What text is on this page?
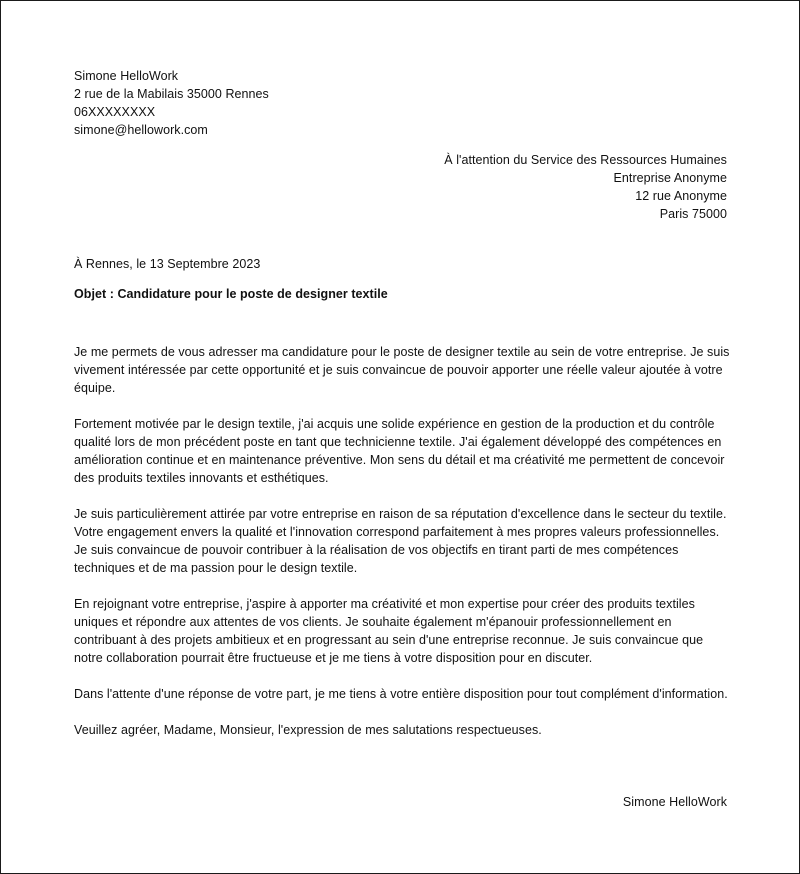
Simone HelloWork
2 rue de la Mabilais 35000 Rennes
06XXXXXXXX
simone@hellowork.com
À l'attention du Service des Ressources Humaines
Entreprise Anonyme
12 rue Anonyme
Paris 75000
À Rennes, le 13 Septembre 2023
Objet : Candidature pour le poste de designer textile

Je me permets de vous adresser ma candidature pour le poste de designer textile au sein de votre entreprise. Je suis vivement intéressée par cette opportunité et je suis convaincue de pouvoir apporter une réelle valeur ajoutée à votre équipe.

Fortement motivée par le design textile, j'ai acquis une solide expérience en gestion de la production et du contrôle qualité lors de mon précédent poste en tant que technicienne textile. J'ai également développé des compétences en amélioration continue et en maintenance préventive. Mon sens du détail et ma créativité me permettent de concevoir des produits textiles innovants et esthétiques.

Je suis particulièrement attirée par votre entreprise en raison de sa réputation d'excellence dans le secteur du textile. Votre engagement envers la qualité et l'innovation correspond parfaitement à mes propres valeurs professionnelles. Je suis convaincue de pouvoir contribuer à la réalisation de vos objectifs en tirant parti de mes compétences techniques et de ma passion pour le design textile.

En rejoignant votre entreprise, j'aspire à apporter ma créativité et mon expertise pour créer des produits textiles uniques et répondre aux attentes de vos clients. Je souhaite également m'épanouir professionnellement en contribuant à des projets ambitieux et en progressant au sein d'une entreprise reconnue. Je suis convaincue que notre collaboration pourrait être fructueuse et je me tiens à votre disposition pour en discuter.

Dans l'attente d'une réponse de votre part, je me tiens à votre entière disposition pour tout complément d'information.

Veuillez agréer, Madame, Monsieur, l'expression de mes salutations respectueuses.

Simone HelloWork
